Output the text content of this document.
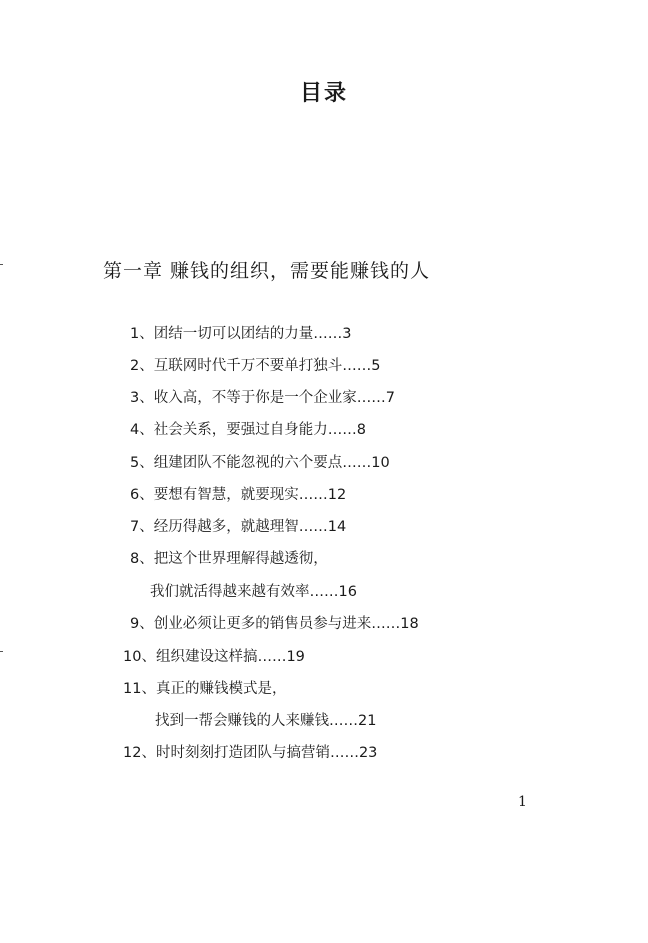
目录
第一章 赚钱的组织，需要能赚钱的人
1、团结一切可以团结的力量……3
2、互联网时代千万不要单打独斗……5
3、收入高，不等于你是一个企业家……7
4、社会关系，要强过自身能力……8
5、组建团队不能忽视的六个要点……10
6、要想有智慧，就要现实……12
7、经历得越多，就越理智……14
8、把这个世界理解得越透彻，
我们就活得越来越有效率……16
9、创业必须让更多的销售员参与进来……18
10、组织建设这样搞……19
11、真正的赚钱模式是，
找到一帮会赚钱的人来赚钱……21
12、时时刻刻打造团队与搞营销……23
1
